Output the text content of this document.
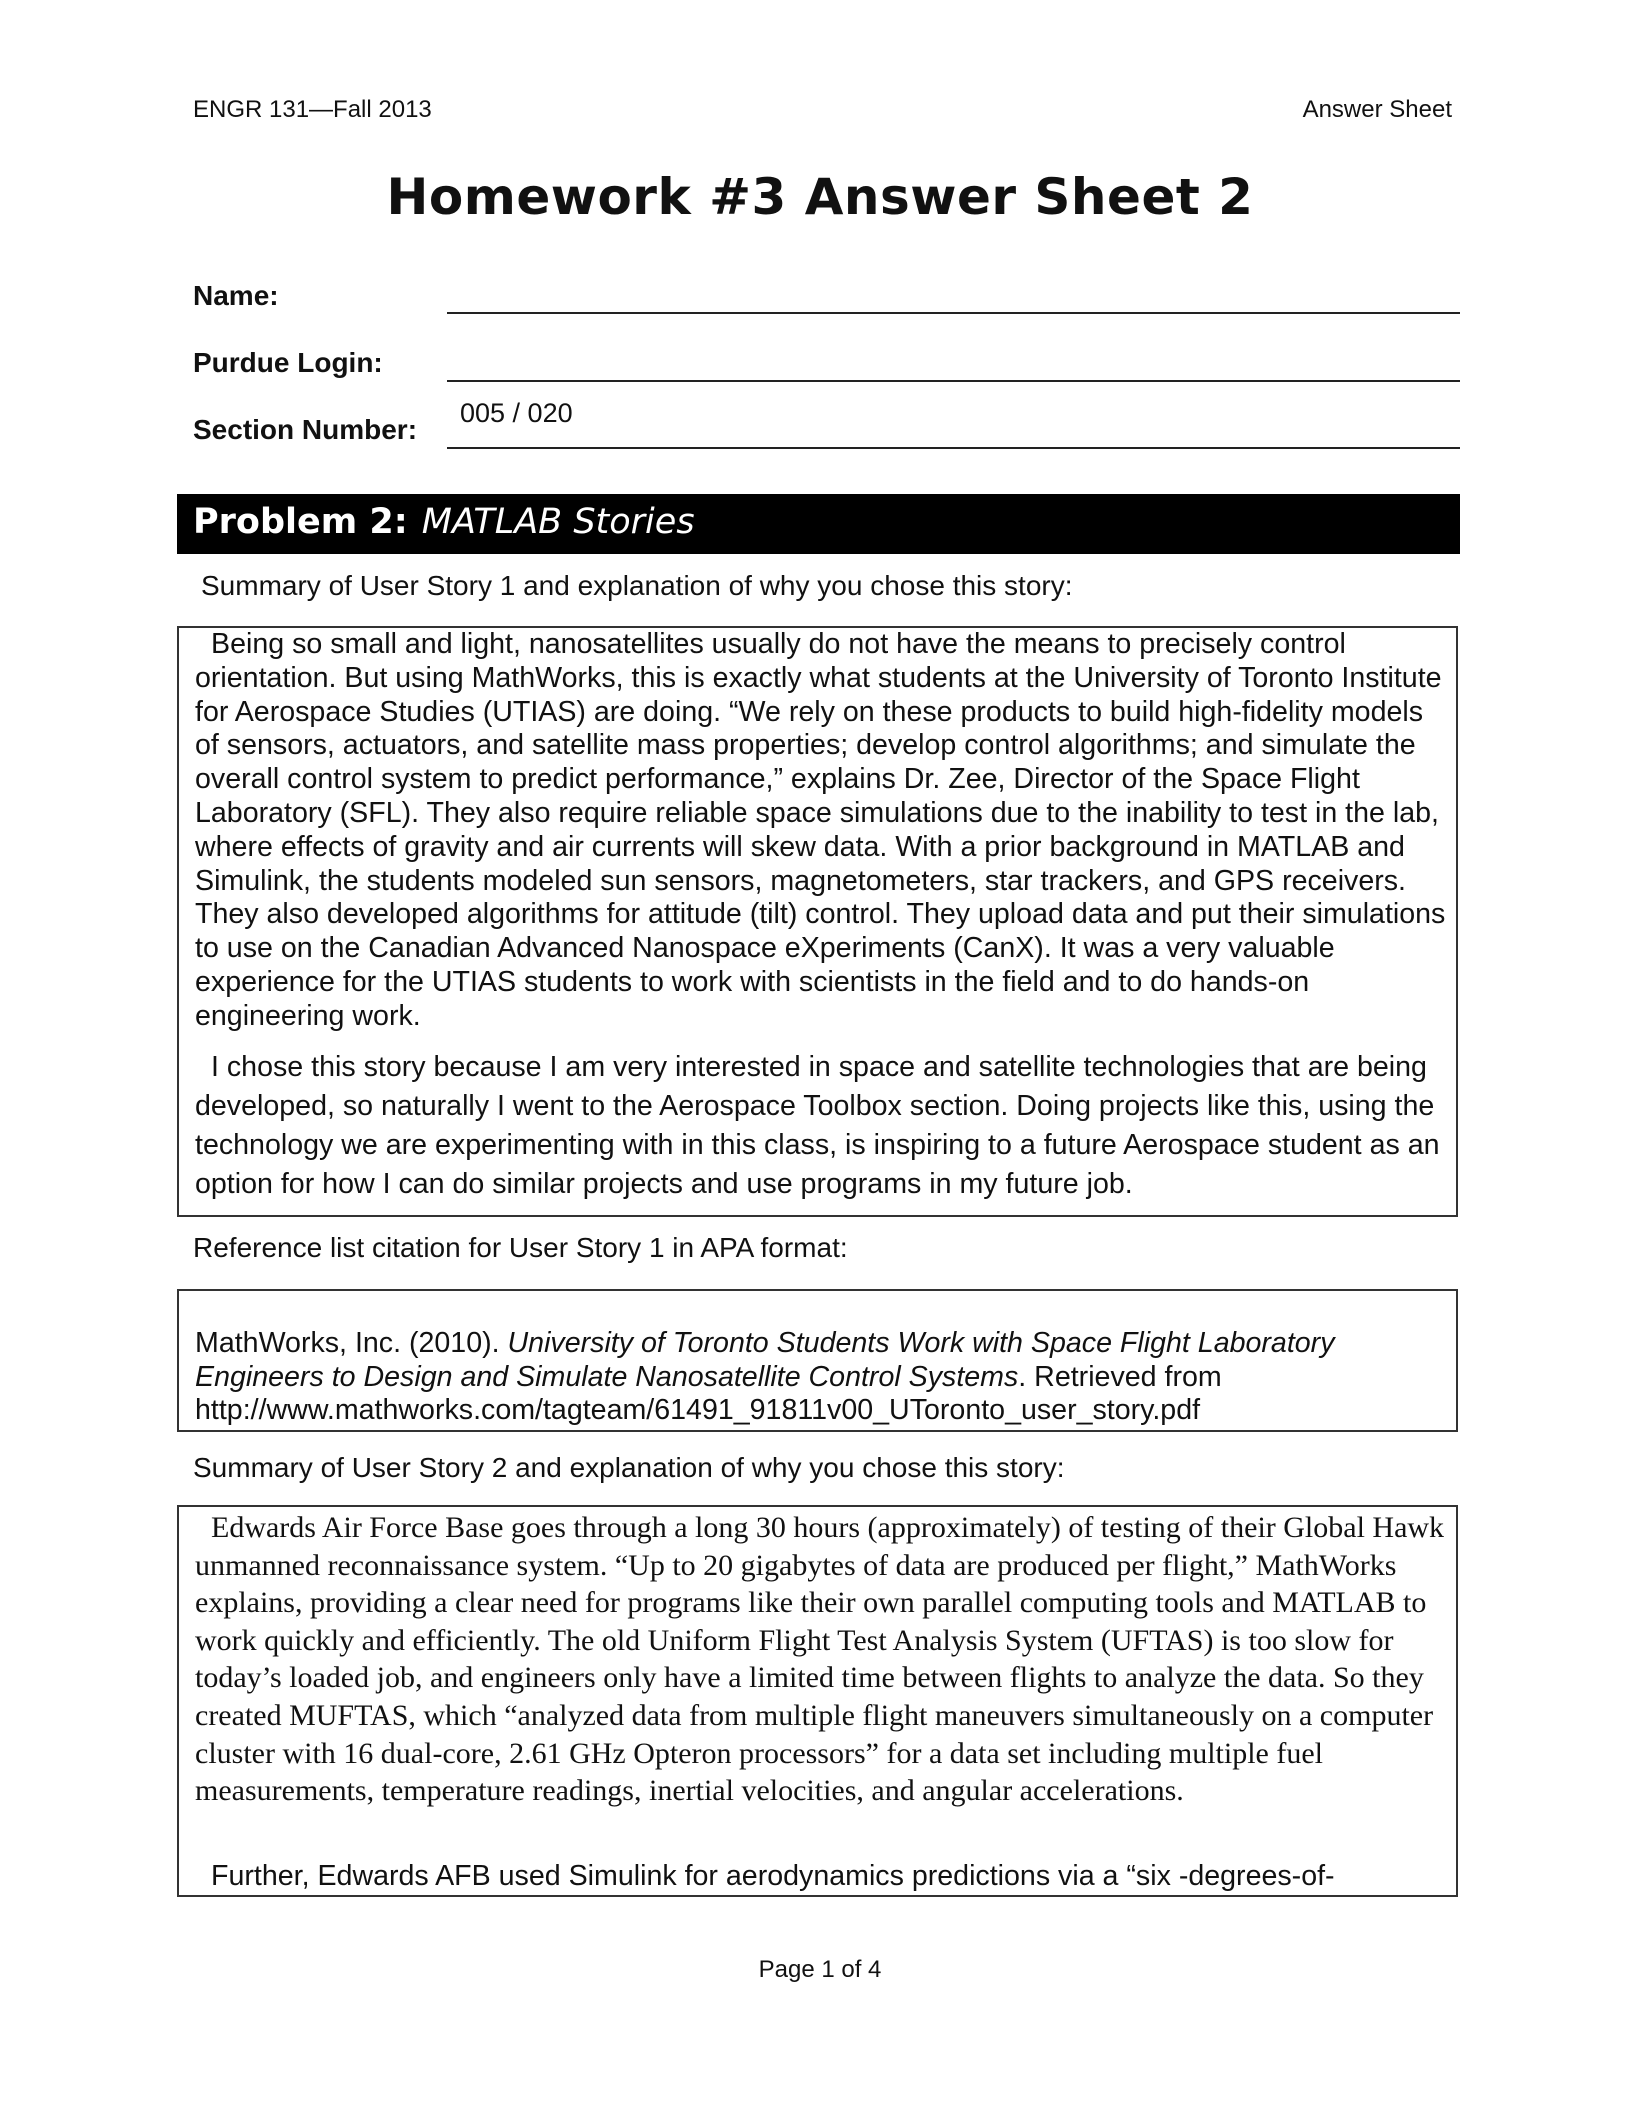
ENGR 131—Fall 2013	Answer Sheet
Homework #3 Answer Sheet 2
Name:
Purdue Login:
Section Number:
005 / 020
Problem 2: MATLAB Stories
Summary of User Story 1 and explanation of why you chose this story:

Being so small and light, nanosatellites usually do not have the means to precisely control orientation. But using MathWorks, this is exactly what students at the University of Toronto Institute for Aerospace Studies (UTIAS) are doing. “We rely on these products to build high-fidelity models of sensors, actuators, and satellite mass properties; develop control algorithms; and simulate the overall control system to predict performance,” explains Dr. Zee, Director of the Space Flight Laboratory (SFL). They also require reliable space simulations due to the inability to test in the lab, where effects of gravity and air currents will skew data. With a prior background in MATLAB and Simulink, the students modeled sun sensors, magnetometers, star trackers, and GPS receivers. They also developed algorithms for attitude (tilt) control. They upload data and put their simulations to use on the Canadian Advanced Nanospace eXperiments (CanX). It was a very valuable experience for the UTIAS students to work with scientists in the field and to do hands-on engineering work.

I chose this story because I am very interested in space and satellite technologies that are being developed, so naturally I went to the Aerospace Toolbox section. Doing projects like this, using the technology we are experimenting with in this class, is inspiring to a future Aerospace student as an option for how I can do similar projects and use programs in my future job.

Reference list citation for User Story 1 in APA format:

MathWorks, Inc. (2010). University of Toronto Students Work with Space Flight Laboratory Engineers to Design and Simulate Nanosatellite Control Systems. Retrieved from http://www.mathworks.com/tagteam/61491_91811v00_UToronto_user_story.pdf

Summary of User Story 2 and explanation of why you chose this story:

Edwards Air Force Base goes through a long 30 hours (approximately) of testing of their Global Hawk unmanned reconnaissance system. “Up to 20 gigabytes of data are produced per flight,” MathWorks explains, providing a clear need for programs like their own parallel computing tools and MATLAB to work quickly and efficiently. The old Uniform Flight Test Analysis System (UFTAS) is too slow for today’s loaded job, and engineers only have a limited time between flights to analyze the data. So they created MUFTAS, which “analyzed data from multiple flight maneuvers simultaneously on a computer cluster with 16 dual-core, 2.61 GHz Opteron processors” for a data set including multiple fuel measurements, temperature readings, inertial velocities, and angular accelerations.

Further, Edwards AFB used Simulink for aerodynamics predictions via a “six -degrees-of-

Page 1 of 4
